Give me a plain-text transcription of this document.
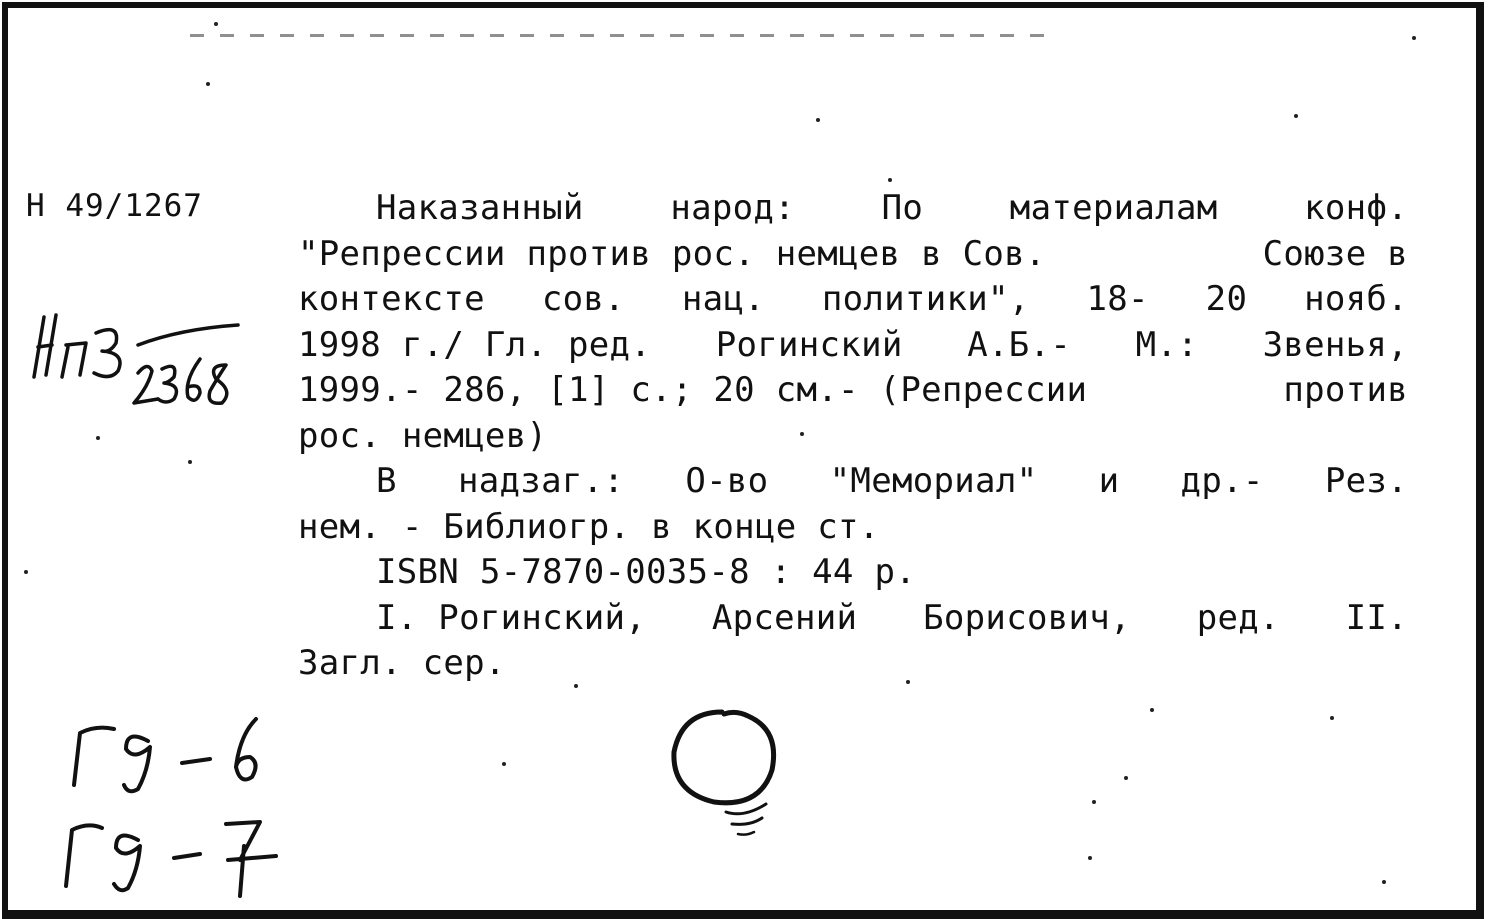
Н 49/1267	Наказанный	народ:	По	материалам	конф.
"Репрессии против рос. немцев в Сов.	Союзе в
контексте сов. нац. политики", 18- 20 нояб.
1998 г./ Гл. ред. Рогинский А.Б.- М.: Звенья,
1999.- 286, [1] с.; 20 см.- (Репрессии	против
рос. немцев)
В надзаг.: О-во "Мемориал" и др.- Рез.
нем. - Библиогр. в конце ст.
ISBN 5-7870-0035-8 : 44 р.
I. Рогинский, Арсений Борисович, ред. II.
Загл. сер.
